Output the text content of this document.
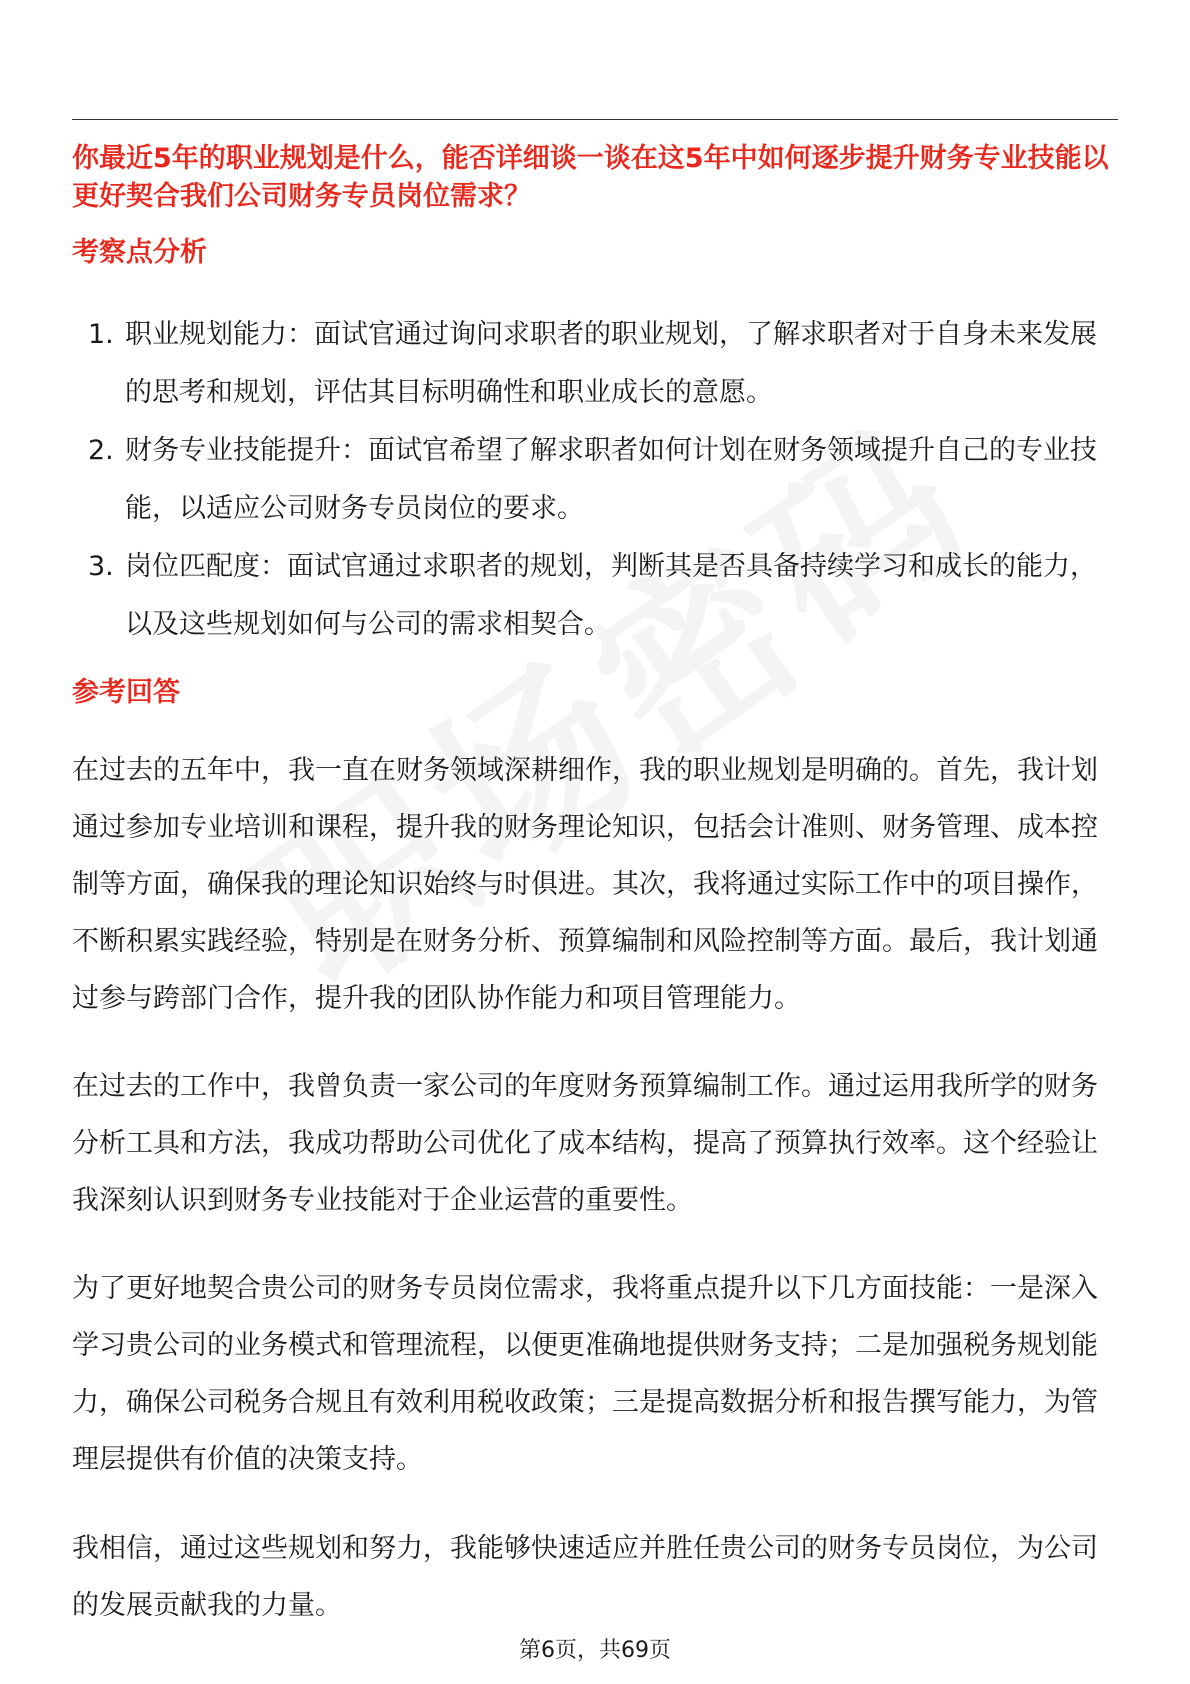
你最近5年的职业规划是什么，能否详细谈一谈在这5年中如何逐步提升财务专业技能以更好契合我们公司财务专员岗位需求？

考察点分析

1. 职业规划能力：面试官通过询问求职者的职业规划，了解求职者对于自身未来发展的思考和规划，评估其目标明确性和职业成长的意愿。
2. 财务专业技能提升：面试官希望了解求职者如何计划在财务领域提升自己的专业技能，以适应公司财务专员岗位的要求。
3. 岗位匹配度：面试官通过求职者的规划，判断其是否具备持续学习和成长的能力，以及这些规划如何与公司的需求相契合。

参考回答

在过去的五年中，我一直在财务领域深耕细作，我的职业规划是明确的。首先，我计划通过参加专业培训和课程，提升我的财务理论知识，包括会计准则、财务管理、成本控制等方面，确保我的理论知识始终与时俱进。其次，我将通过实际工作中的项目操作，不断积累实践经验，特别是在财务分析、预算编制和风险控制等方面。最后，我计划通过参与跨部门合作，提升我的团队协作能力和项目管理能力。

在过去的工作中，我曾负责一家公司的年度财务预算编制工作。通过运用我所学的财务分析工具和方法，我成功帮助公司优化了成本结构，提高了预算执行效率。这个经验让我深刻认识到财务专业技能对于企业运营的重要性。

为了更好地契合贵公司的财务专员岗位需求，我将重点提升以下几方面技能：一是深入学习贵公司的业务模式和管理流程，以便更准确地提供财务支持；二是加强税务规划能力，确保公司税务合规且有效利用税收政策；三是提高数据分析和报告撰写能力，为管理层提供有价值的决策支持。

我相信，通过这些规划和努力，我能够快速适应并胜任贵公司的财务专员岗位，为公司的发展贡献我的力量。

第6页，共69页
